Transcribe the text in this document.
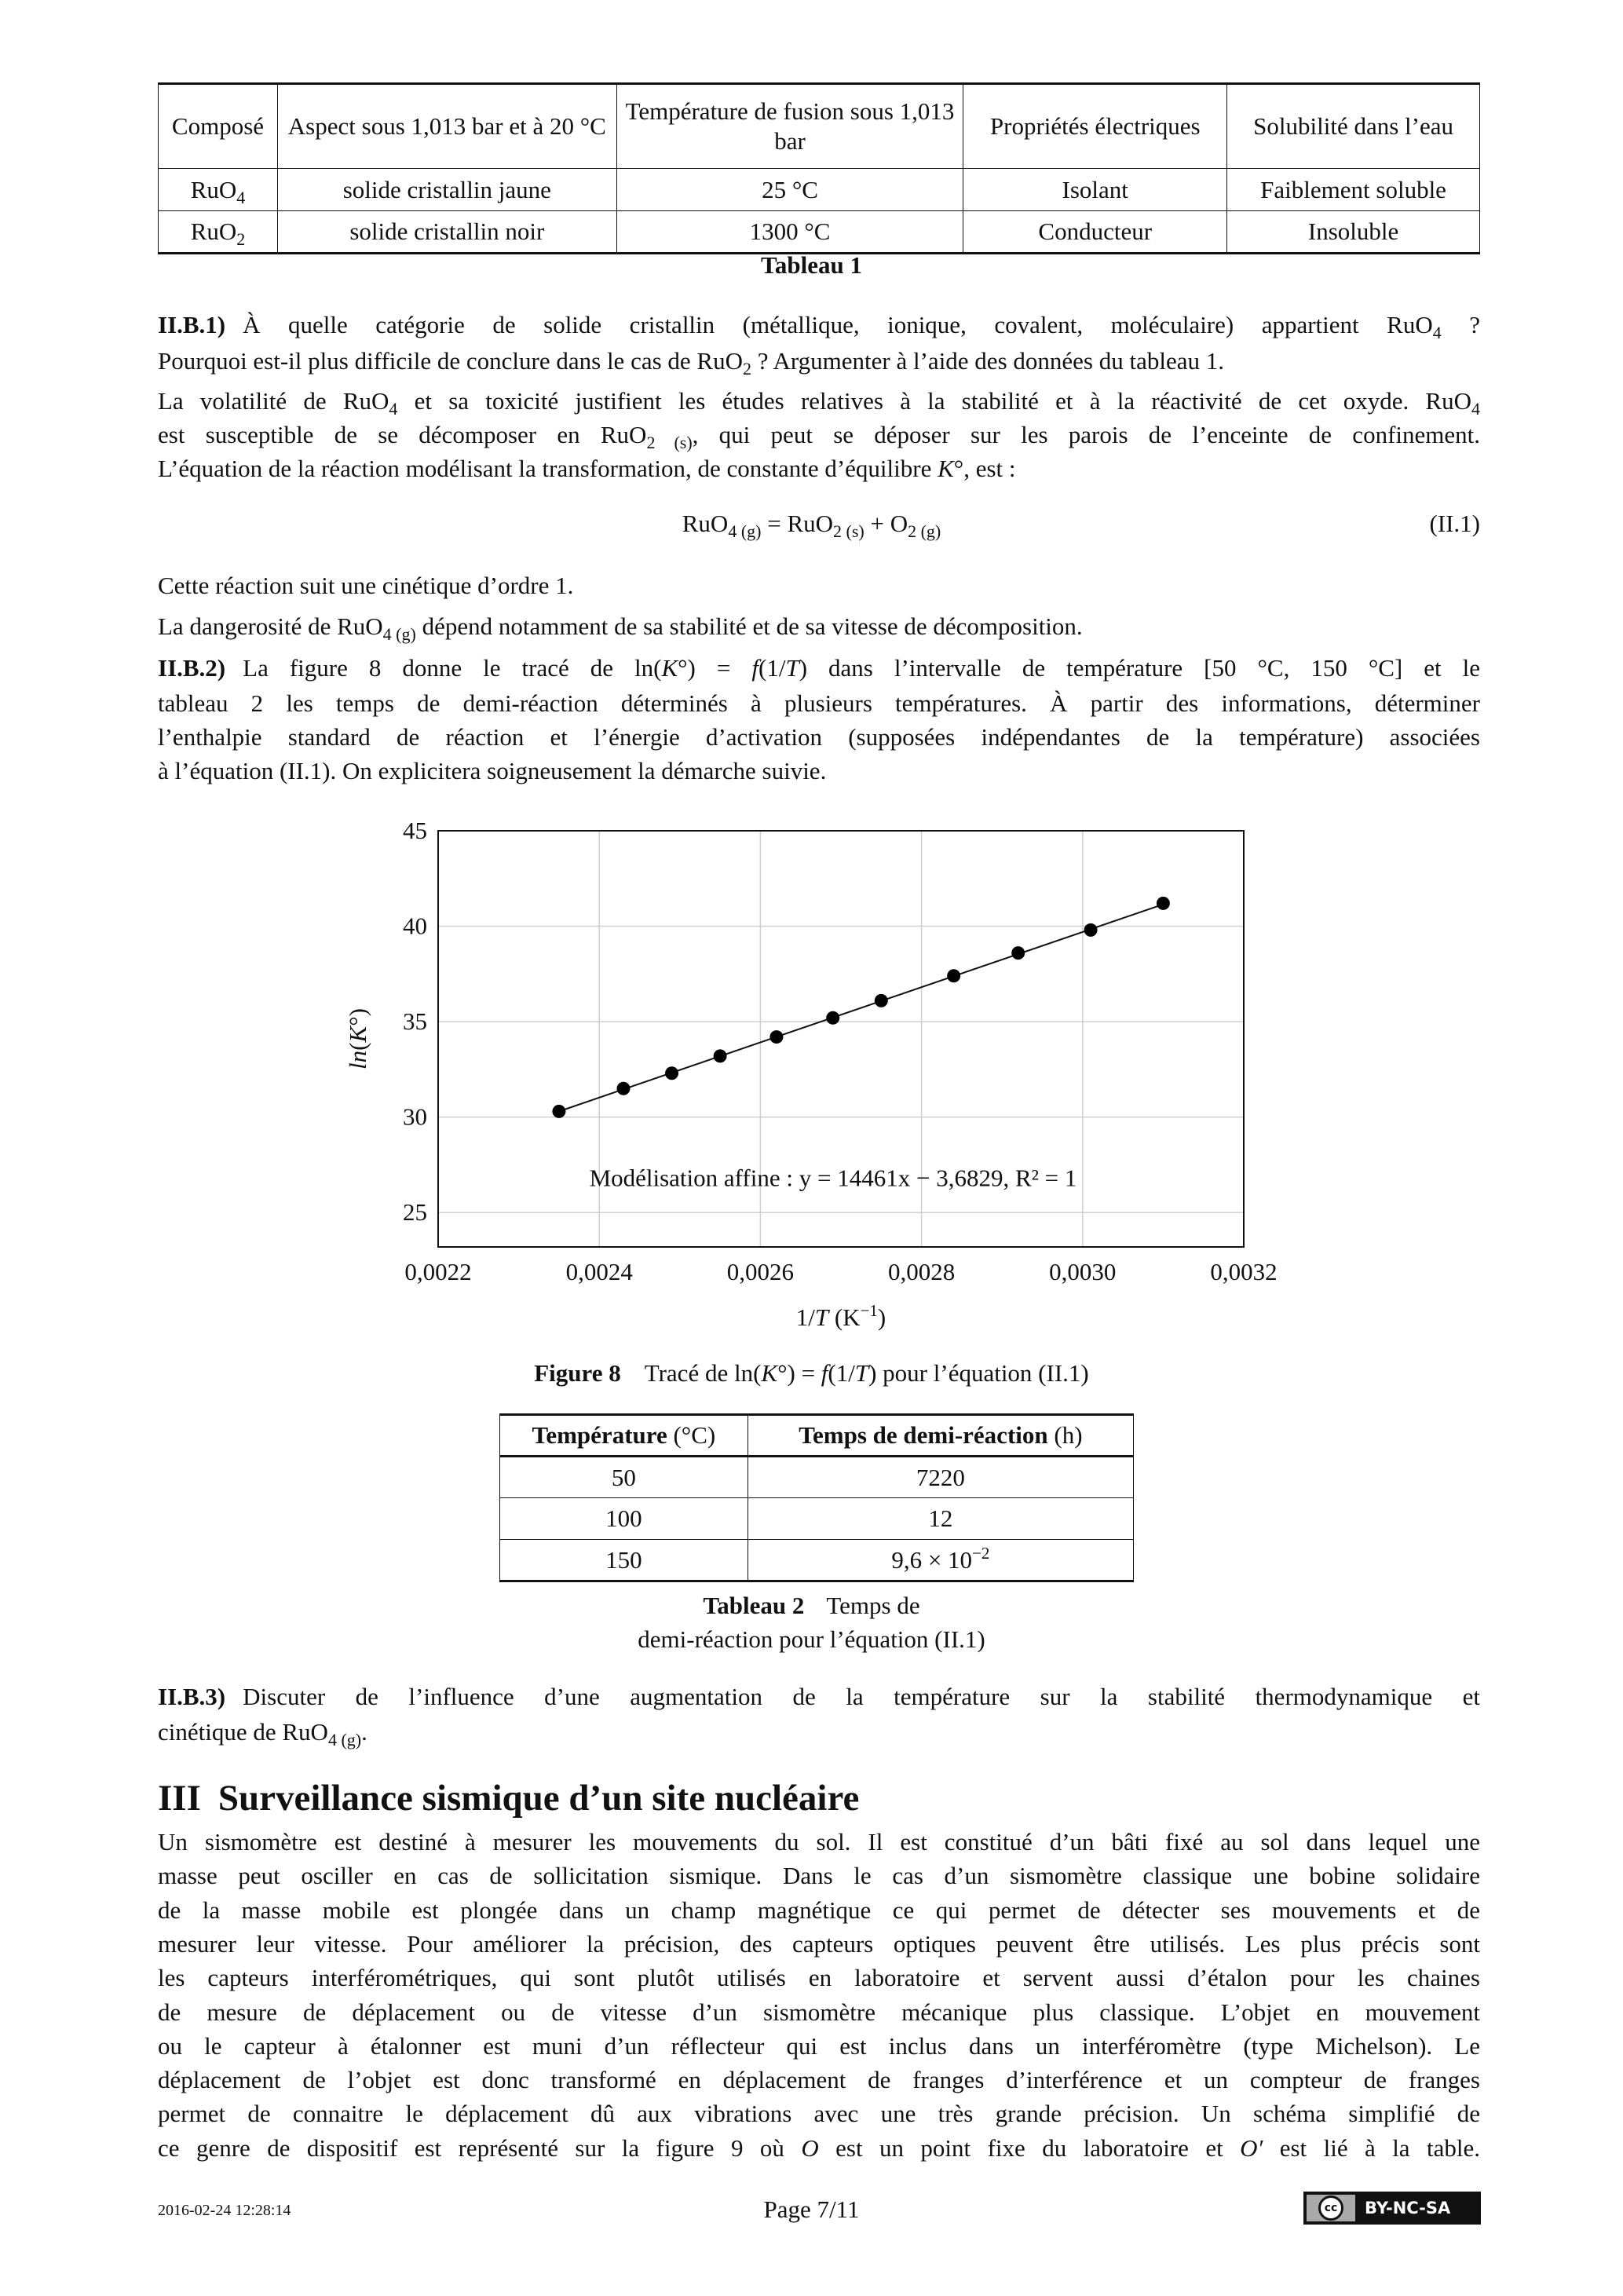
Composé	Aspect sous 1,013 bar et à 20 °C	Température de fusion sous 1,013 bar	Propriétés électriques	Solubilité dans l’eau
RuO$_4$	solide cristallin jaune	25 °C	Isolant	Faiblement soluble
RuO$_2$	solide cristallin noir	1300 °C	Conducteur	Insoluble
Tableau 1
II.B.1) À quelle catégorie de solide cristallin (métallique, ionique, covalent, moléculaire) appartient RuO$_4$ ?
Pourquoi est-il plus difficile de conclure dans le cas de RuO$_2$ ? Argumenter à l’aide des données du tableau 1.
La volatilité de RuO$_4$ et sa toxicité justifient les études relatives à la stabilité et à la réactivité de cet oxyde. RuO$_4$
est susceptible de se décomposer en RuO$_{2 (s)}$, qui peut se déposer sur les parois de l’enceinte de confinement.
L’équation de la réaction modélisant la transformation, de constante d’équilibre K°, est :
$RuO_{4 (g)} = RuO_{2 (s)} + O_{2 (g)}$	(II.1)
Cette réaction suit une cinétique d’ordre 1.
La dangerosité de RuO$_{4 (g)}$ dépend notamment de sa stabilité et de sa vitesse de décomposition.
II.B.2) La figure 8 donne le tracé de ln(K°) = f(1/T) dans l’intervalle de température [50 °C, 150 °C] et le
tableau 2 les temps de demi-réaction déterminés à plusieurs températures. À partir des informations, déterminer
l’enthalpie standard de réaction et l’énergie d’activation (supposées indépendantes de la température) associées
à l’équation (II.1). On explicitera soigneusement la démarche suivie.
0,0022	0,0024	0,0026	0,0028	0,0030	0,0032
25
30
35
40
45
Modélisation affine : y = 14461x − 3,6829, R² = 1
1/T $(K^{-1})$
ln(K°)
Figure 8 Tracé de ln(K°) = f(1/T) pour l’équation (II.1)
Température (°C)	Temps de demi-réaction (h)
50	7220
100	12
150	$9,6 \times 10^{-2}$
Tableau 2 Temps de
demi-réaction pour l’équation (II.1)
II.B.3) Discuter de l’influence d’une augmentation de la température sur la stabilité thermodynamique et
cinétique de RuO$_{4 (g)}$.
III Surveillance sismique d’un site nucléaire
Un sismomètre est destiné à mesurer les mouvements du sol. Il est constitué d’un bâti fixé au sol dans lequel une
masse peut osciller en cas de sollicitation sismique. Dans le cas d’un sismomètre classique une bobine solidaire
de la masse mobile est plongée dans un champ magnétique ce qui permet de détecter ses mouvements et de
mesurer leur vitesse. Pour améliorer la précision, des capteurs optiques peuvent être utilisés. Les plus précis sont
les capteurs interférométriques, qui sont plutôt utilisés en laboratoire et servent aussi d’étalon pour les chaines
de mesure de déplacement ou de vitesse d’un sismomètre mécanique plus classique. L’objet en mouvement
ou le capteur à étalonner est muni d’un réflecteur qui est inclus dans un interféromètre (type Michelson). Le
déplacement de l’objet est donc transformé en déplacement de franges d’interférence et un compteur de franges
permet de connaitre le déplacement dû aux vibrations avec une très grande précision. Un schéma simplifié de
ce genre de dispositif est représenté sur la figure 9 où O est un point fixe du laboratoire et O′ est lié à la table.
2016-02-24 12:28:14	Page 7/11	cc	BY-NC-SA
